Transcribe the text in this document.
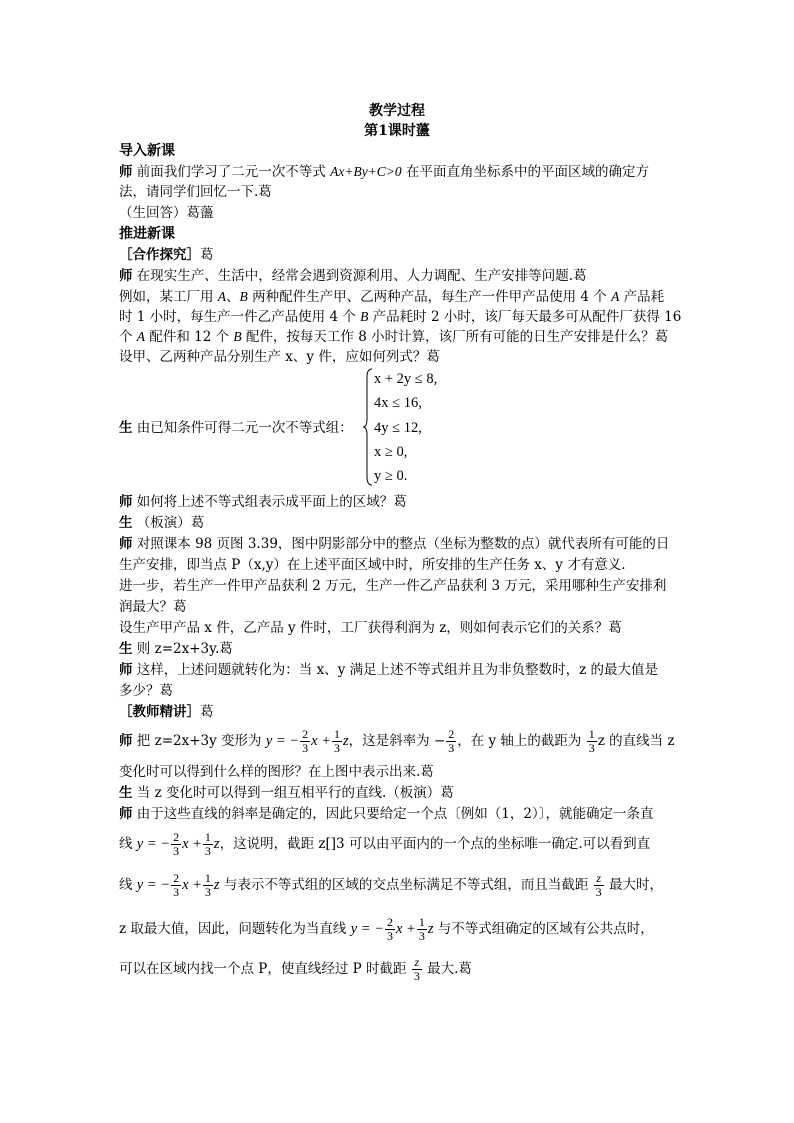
教学过程
第1课时蘯
导入新课
师 前面我们学习了二元一次不等式 Ax+By+C>0 在平面直角坐标系中的平面区域的确定方
法，请同学们回忆一下.葛
（生回答）葛蘯
推进新课
［合作探究］葛
师 在现实生产、生活中，经常会遇到资源利用、人力调配、生产安排等问题.葛
例如，某工厂用 A、B 两种配件生产甲、乙两种产品，每生产一件甲产品使用 4 个 A 产品耗
时 1 小时，每生产一件乙产品使用 4 个 B 产品耗时 2 小时，该厂每天最多可从配件厂获得 16
个 A 配件和 12 个 B 配件，按每天工作 8 小时计算，该厂所有可能的日生产安排是什么？葛
设甲、乙两种产品分别生产 x、y 件，应如何列式？葛
生 由已知条件可得二元一次不等式组：
x + 2y ≤ 8,
4x ≤ 16,
4y ≤ 12,
x ≥ 0,
y ≥ 0.
师 如何将上述不等式组表示成平面上的区域？葛
生 （板演）葛
师 对照课本 98 页图 3.39，图中阴影部分中的整点（坐标为整数的点）就代表所有可能的日
生产安排，即当点 P（x,y）在上述平面区域中时，所安排的生产任务 x、y 才有意义.
进一步，若生产一件甲产品获利 2 万元，生产一件乙产品获利 3 万元，采用哪种生产安排利
润最大？葛
设生产甲产品 x 件，乙产品 y 件时，工厂获得利润为 z，则如何表示它们的关系？葛
生 则 z=2x+3y.葛
师 这样，上述问题就转化为：当 x、y 满足上述不等式组并且为非负整数时，z 的最大值是
多少？葛
［教师精讲］葛
师 把 z=2x+3y 变形为 y = − $\frac{2}{3}$ $x + \frac{1}{3}$ z，这是斜率为 − $\frac{2}{3}$ ，在 y 轴上的截距为 $\frac{1}{3}$ z 的直线当 z
变化时可以得到什么样的图形？在上图中表示出来.葛
生 当 z 变化时可以得到一组互相平行的直线.（板演）葛
师 由于这些直线的斜率是确定的，因此只要给定一个点〔例如（1，2）〕，就能确定一条直
线 y = − $\frac{2}{3}$ $x + \frac{1}{3}$ z，这说明，截距 z[]3 可以由平面内的一个点的坐标唯一确定.可以看到直
线 y = − $\frac{2}{3}$ $x + \frac{1}{3}$ z 与表示不等式组的区域的交点坐标满足不等式组，而且当截距 $\frac{z}{3}$ 最大时，
z 取最大值，因此，问题转化为当直线 y = − $\frac{2}{3}$ $x + \frac{1}{3}$ z 与不等式组确定的区域有公共点时，
可以在区域内找一个点 P，使直线经过 P 时截距 $\frac{z}{3}$ 最大.葛
